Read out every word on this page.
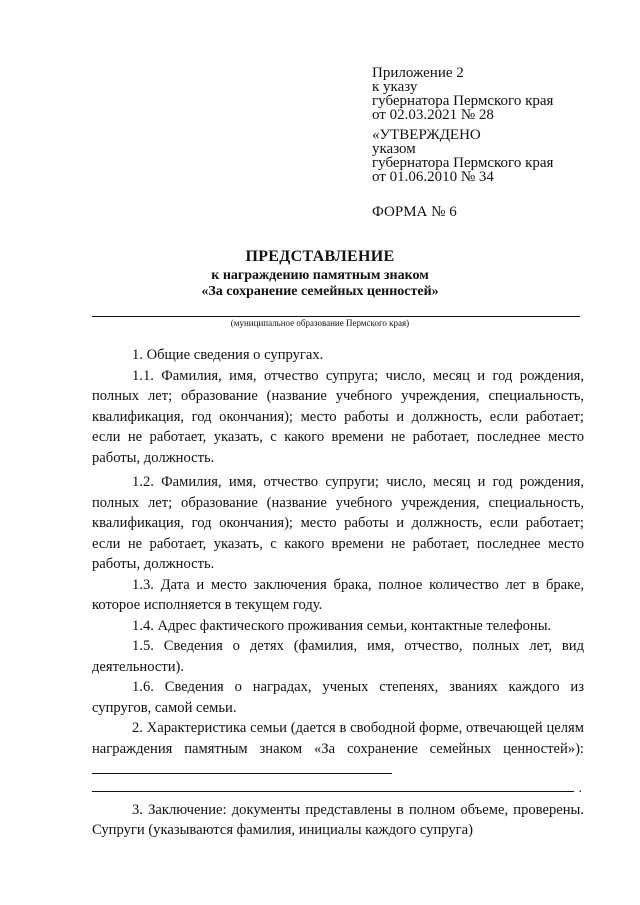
Приложение 2
к указу
губернатора Пермского края
от 02.03.2021 № 28
«УТВЕРЖДЕНО
указом
губернатора Пермского края
от 01.06.2010 № 34
ФОРМА № 6
ПРЕДСТАВЛЕНИЕ
к награждению памятным знаком
«За сохранение семейных ценностей»
(муниципальное образование Пермского края)

1. Общие сведения о супругах.

1.1. Фамилия, имя, отчество супруга; число, месяц и год рождения, полных лет; образование (название учебного учреждения, специальность, квалификация, год окончания); место работы и должность, если работает; если не работает, указать, с какого времени не работает, последнее место работы, должность.

1.2. Фамилия, имя, отчество супруги; число, месяц и год рождения, полных лет; образование (название учебного учреждения, специальность, квалификация, год окончания); место работы и должность, если работает; если не работает, указать, с какого времени не работает, последнее место работы, должность.

1.3. Дата и место заключения брака, полное количество лет в браке, которое исполняется в текущем году.

1.4. Адрес фактического проживания семьи, контактные телефоны.

1.5. Сведения о детях (фамилия, имя, отчество, полных лет, вид деятельности).

1.6. Сведения о наградах, ученых степенях, званиях каждого из супругов, самой семьи.

2. Характеристика семьи (дается в свободной форме, отвечающей целям награждения памятным знаком «За сохранение семейных ценностей»):

.

3. Заключение: документы представлены в полном объеме, проверены. Супруги (указываются фамилия, инициалы каждого супруга)
